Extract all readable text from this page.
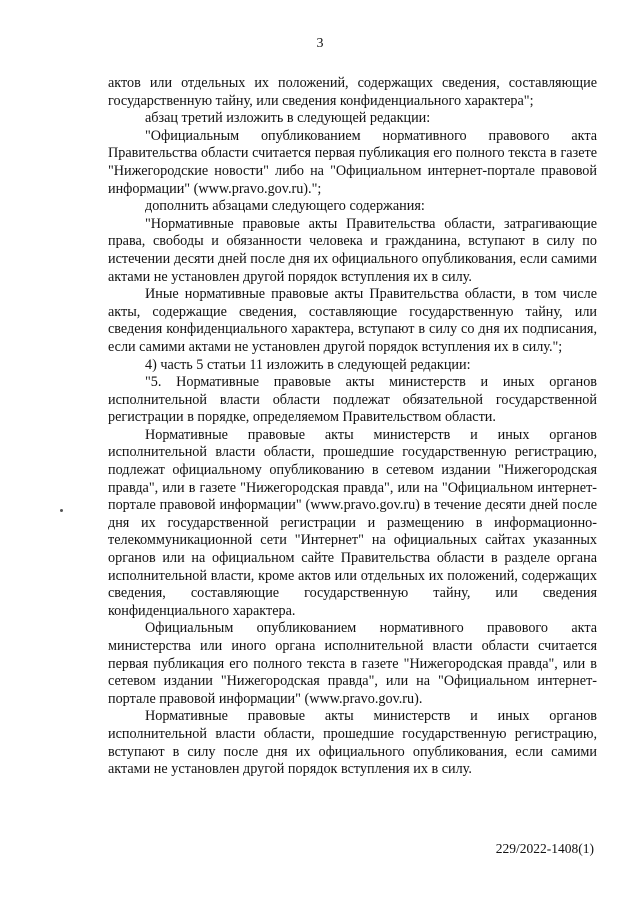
3

актов или отдельных их положений, содержащих сведения, составляющие государственную тайну, или сведения конфиденциального характера";

абзац третий изложить в следующей редакции:

"Официальным опубликованием нормативного правового акта Правительства области считается первая публикация его полного текста в газете "Нижегородские новости" либо на "Официальном интернет-портале правовой информации" (www.pravo.gov.ru).";

дополнить абзацами следующего содержания:

"Нормативные правовые акты Правительства области, затрагивающие права, свободы и обязанности человека и гражданина, вступают в силу по истечении десяти дней после дня их официального опубликования, если самими актами не установлен другой порядок вступления их в силу.

Иные нормативные правовые акты Правительства области, в том числе акты, содержащие сведения, составляющие государственную тайну, или сведения конфиденциального характера, вступают в силу со дня их подписания, если самими актами не установлен другой порядок вступления их в силу.";

4) часть 5 статьи 11 изложить в следующей редакции:

"5. Нормативные правовые акты министерств и иных органов исполнительной власти области подлежат обязательной государственной регистрации в порядке, определяемом Правительством области.

Нормативные правовые акты министерств и иных органов исполнительной власти области, прошедшие государственную регистрацию, подлежат официальному опубликованию в сетевом издании "Нижегородская правда", или в газете "Нижегородская правда", или на "Официальном интернет-портале правовой информации" (www.pravo.gov.ru) в течение десяти дней после дня их государственной регистрации и размещению в информационно-телекоммуникационной сети "Интернет" на официальных сайтах указанных органов или на официальном сайте Правительства области в разделе органа исполнительной власти, кроме актов или отдельных их положений, содержащих сведения, составляющие государственную тайну, или сведения конфиденциального характера.

Официальным опубликованием нормативного правового акта министерства или иного органа исполнительной власти области считается первая публикация его полного текста в газете "Нижегородская правда", или в сетевом издании "Нижегородская правда", или на "Официальном интернет-портале правовой информации" (www.pravo.gov.ru).

Нормативные правовые акты министерств и иных органов исполнительной власти области, прошедшие государственную регистрацию, вступают в силу после дня их официального опубликования, если самими актами не установлен другой порядок вступления их в силу.

229/2022-1408(1)
